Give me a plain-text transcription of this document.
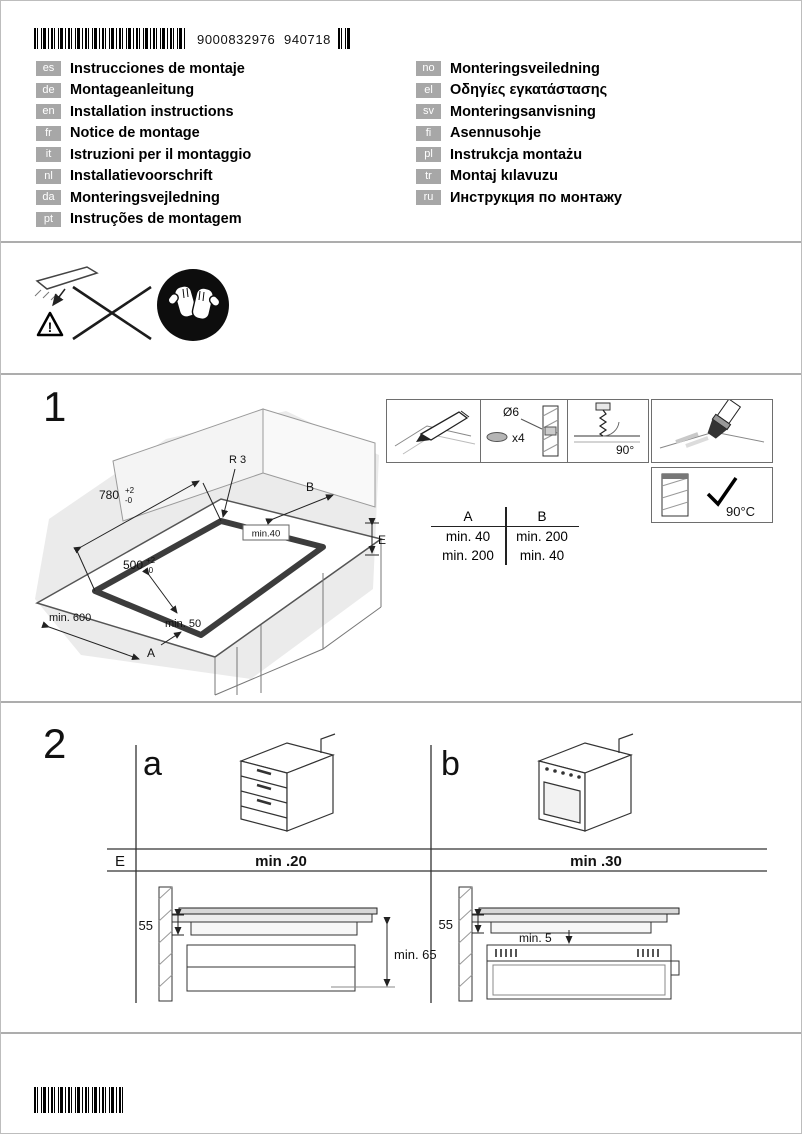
9000832976 940718
es	Instrucciones de montaje
de	Montageanleitung
en	Installation instructions
fr	Notice de montage
it	Istruzioni per il montaggio
nl	Installatievoorschrift
da	Monteringsvejledning
pt	Instruções de montagem
no	Monteringsveiledning
el	Οδηγίες εγκατάστασης
sv	Monteringsanvisning
fi	Asennusohje
pl	Instrukcja montażu
tr	Montaj kılavuzu
ru	Инструкция по монтажу
!
1
780 +2
-0
R 3
min.40
B
E
500 +2
-0
min. 600	min. 50
A
Ø6
x4
90°
90°C
A	B
min. 40	min. 200
min. 200	min. 40
2
E	min .20	min .30
a	b
55
min. 65
55
min. 5
